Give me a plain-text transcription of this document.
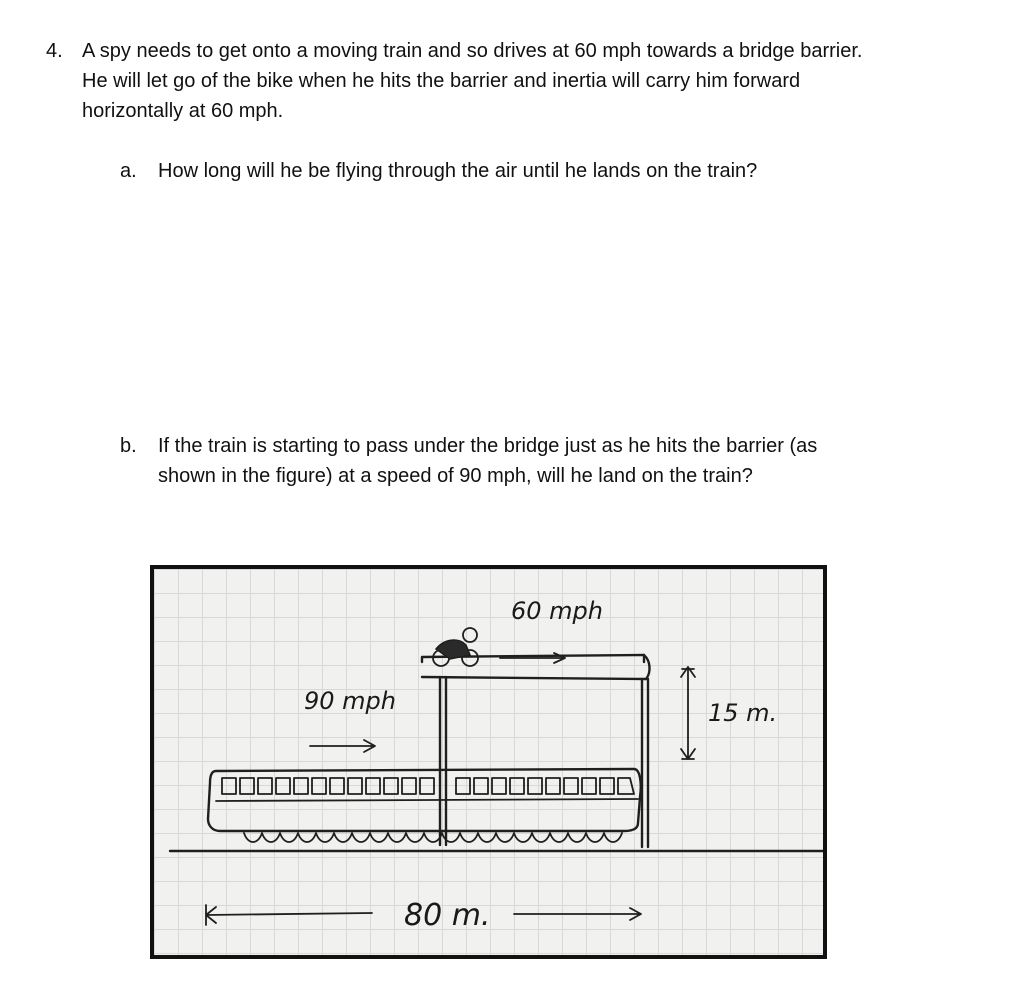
4. A spy needs to get onto a moving train and so drives at 60 mph towards a bridge barrier.
He will let go of the bike when he hits the barrier and inertia will carry him forward
horizontally at 60 mph.
a. How long will he be flying through the air until he lands on the train?
b. If the train is starting to pass under the bridge just as he hits the barrier (as
shown in the figure) at a speed of 90 mph, will he land on the train?
60 mph
90 mph	15 m.
80 m.
